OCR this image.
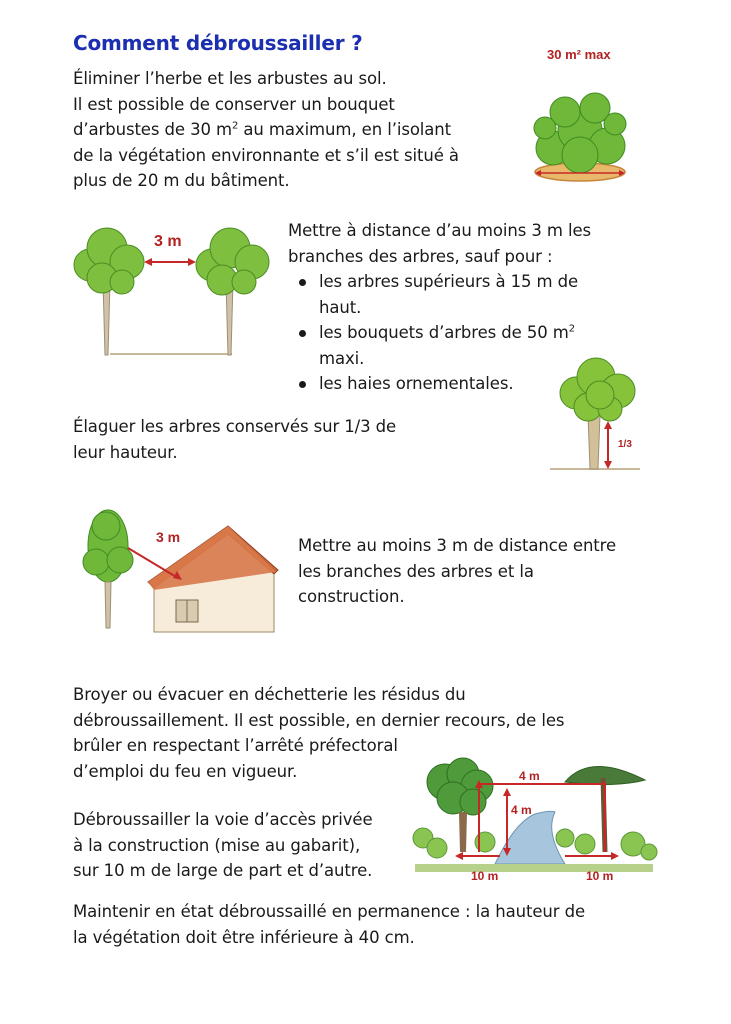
Comment débroussailler ?

Éliminer l’herbe et les arbustes au sol.

Il est possible de conserver un bouquet

d’arbustes de 30 $m^2$ au maximum, en l’isolant

de la végétation environnante et s’il est situé à

plus de 20 m du bâtiment.

30 m² max
3 m

Mettre à distance d’au moins 3 m les

branches des arbres, sauf pour :

les arbres supérieurs à 15 m de
haut.
les bouquets d’arbres de 50 $m^2$
maxi.
les haies ornementales.

Élaguer les arbres conservés sur 1/3 de

leur hauteur.	1/3
3 m	Mettre au moins 3 m de distance entre

les branches des arbres et la

construction.

Broyer ou évacuer en déchetterie les résidus du

débroussaillement. Il est possible, en dernier recours, de les

brûler en respectant l’arrêté préfectoral

d’emploi du feu en vigueur.

Débroussailler la voie d’accès privée

à la construction (mise au gabarit),

sur 10 m de large de part et d’autre.

4 m
4 m
10 m	10 m

Maintenir en état débroussaillé en permanence : la hauteur de

la végétation doit être inférieure à 40 cm.
